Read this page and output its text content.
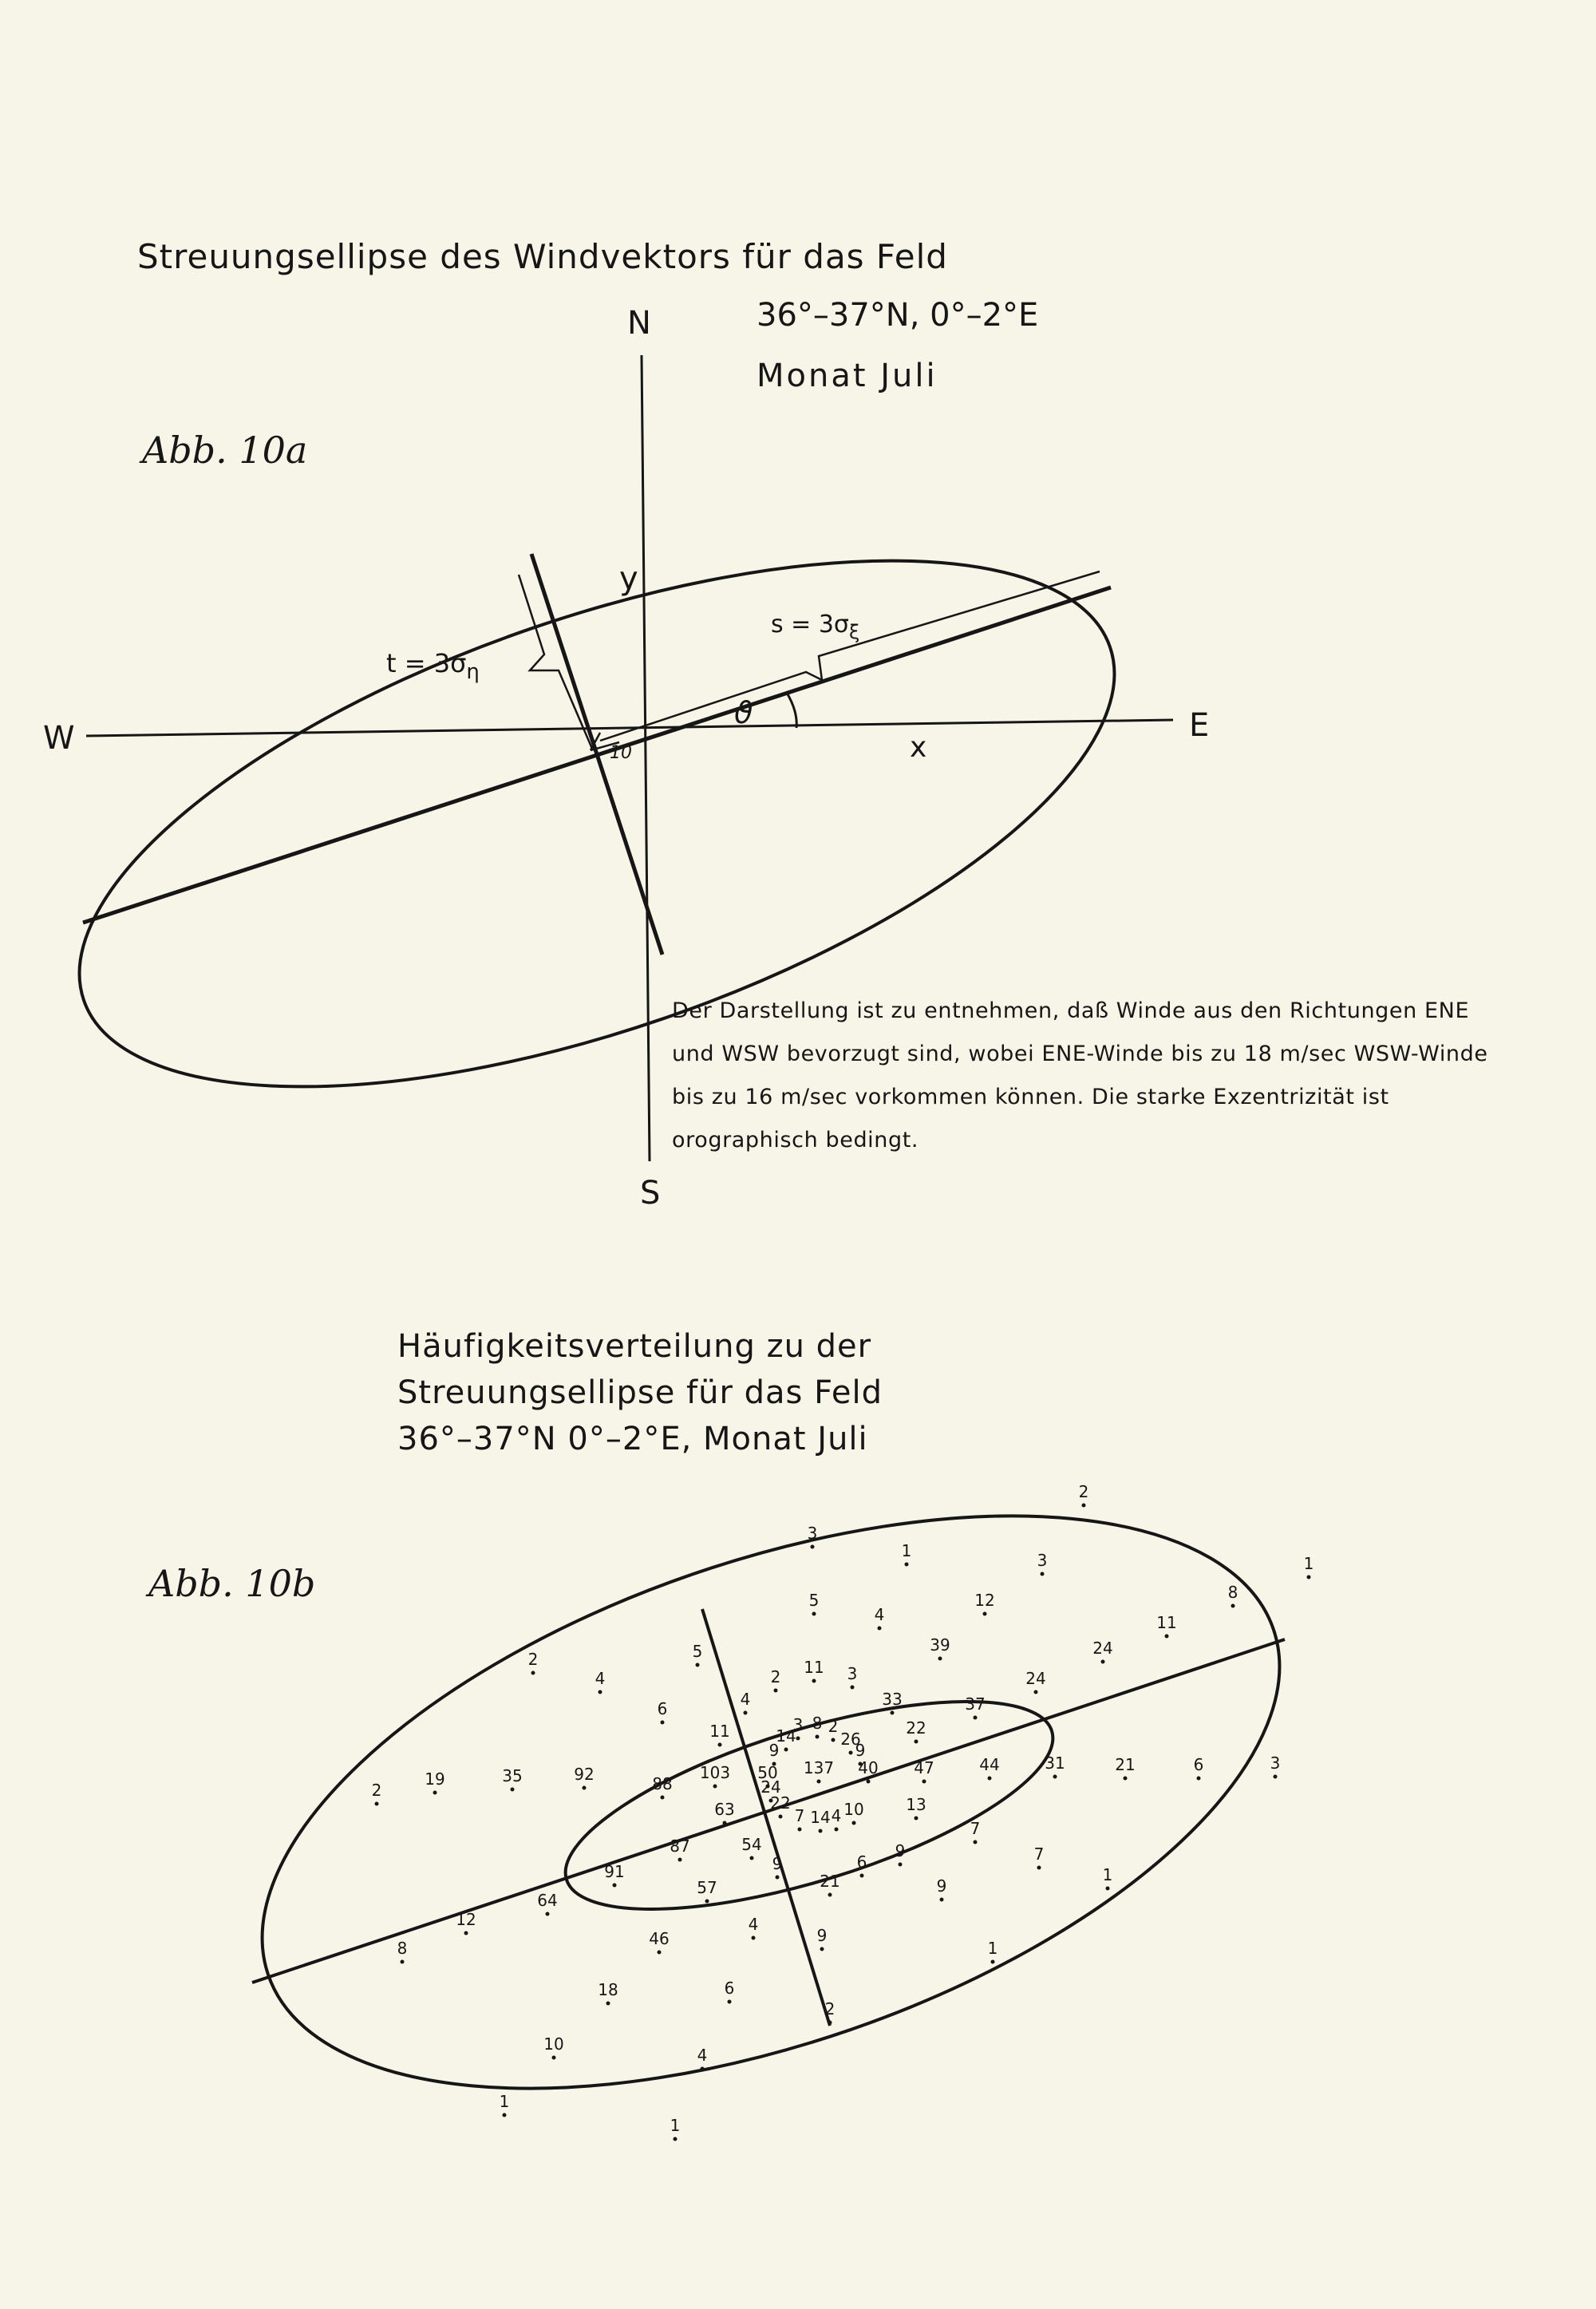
Streuungsellipse des Windvektors für das Feld

36°–37°N, 0°–2°E

Monat Juli

Abb. 10a

Der Darstellung ist zu entnehmen, daß Winde aus den Richtungen ENE und WSW bevorzugt sind, wobei ENE-Winde bis zu 18 m/sec WSW-Winde bis zu 16 m/sec vorkommen können. Die starke Exzentrizität ist orographisch bedingt.

Häufigkeitsverteilung zu der Streuungsellipse für das Feld 36°–37°N 0°–2°E, Monat Juli

Abb. 10b

N
S
W	E
x
y
$t = 3\sigma_\eta$
$s = 3\sigma_\xi$
ϑ
10
2
3
1	3	1
5
4
12	8
11
39	24
2	5
4	2 11 3	24
33	37
6	4
22
11	3 8 2
14	26
9	9
19	35	92	103 50 137 40 47	44	31	21	6	3
2	88	24
13
63 22
7 14 4 10
7
87	54	7
9	6
9
91	21	1
57	9
64
12	4
8	46	9
1
18	6
2
10
4
1
1
